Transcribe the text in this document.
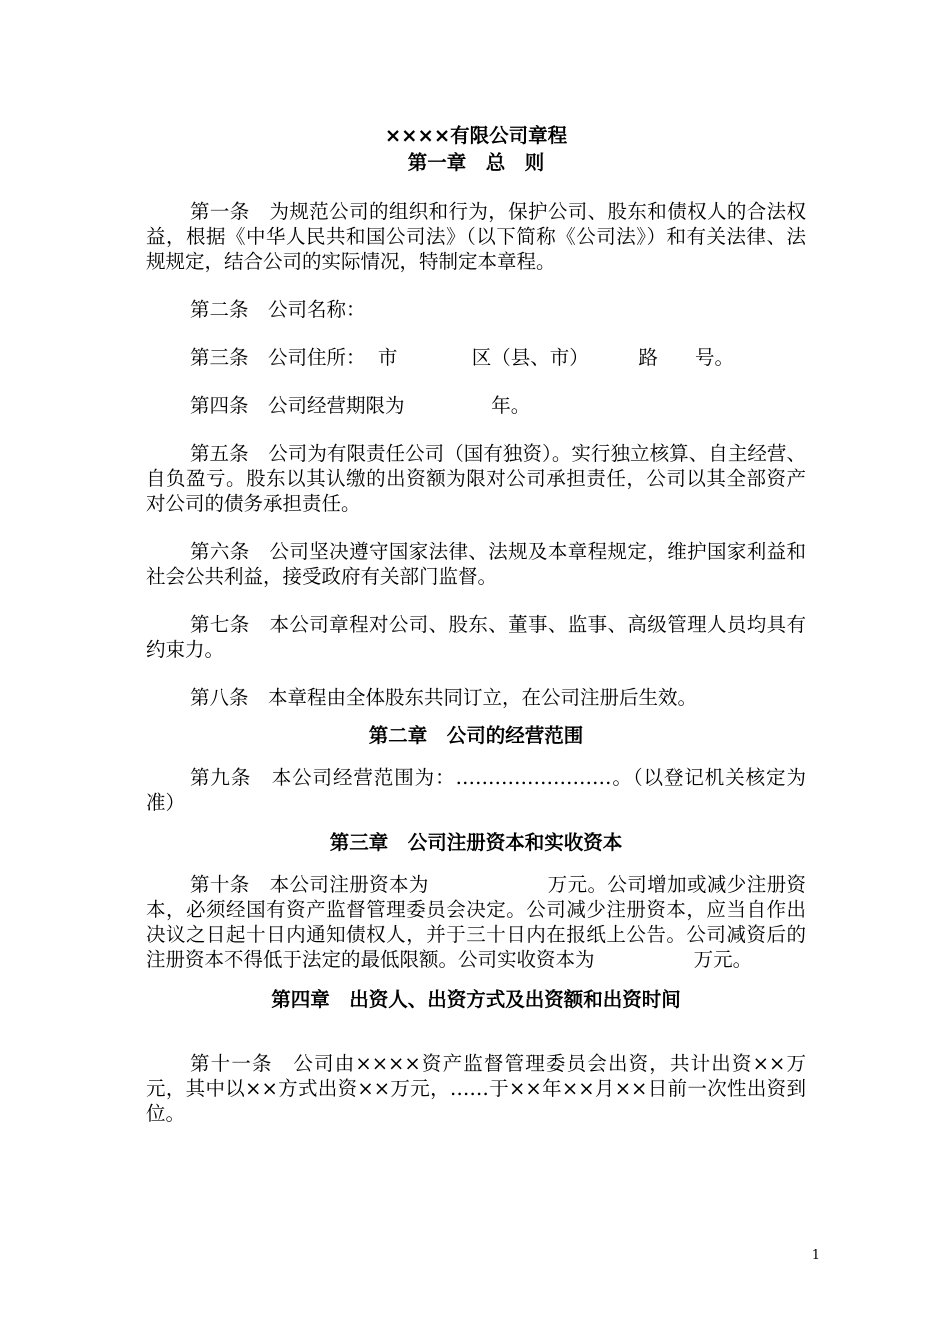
××××有限公司章程
第一章　总　则

第一条　为规范公司的组织和行为，保护公司、股东和债权人的合法权益，根据《中华人民共和国公司法》（以下简称《公司法》）和有关法律、法规规定，结合公司的实际情况，特制定本章程。

第二条　公司名称：

第三条　公司住所：  市            区（县、市）        路      号。

第四条　公司经营期限为              年。

第五条　公司为有限责任公司（国有独资）。实行独立核算、自主经营、自负盈亏。股东以其认缴的出资额为限对公司承担责任，公司以其全部资产对公司的债务承担责任。

第六条　公司坚决遵守国家法律、法规及本章程规定，维护国家利益和社会公共利益，接受政府有关部门监督。

第七条　本公司章程对公司、股东、董事、监事、高级管理人员均具有约束力。

第八条　本章程由全体股东共同订立，在公司注册后生效。

第二章　公司的经营范围

第九条　本公司经营范围为：……………………。（以登记机关核定为准）

第三章　公司注册资本和实收资本

第十条　本公司注册资本为                  万元。公司增加或减少注册资本，必须经国有资产监督管理委员会决定。公司减少注册资本，应当自作出决议之日起十日内通知债权人，并于三十日内在报纸上公告。公司减资后的注册资本不得低于法定的最低限额。公司实收资本为                万元。

第四章　出资人、出资方式及出资额和出资时间

第十一条　公司由××××资产监督管理委员会出资，共计出资××万元，其中以××方式出资××万元，……于××年××月××日前一次性出资到位。

1
